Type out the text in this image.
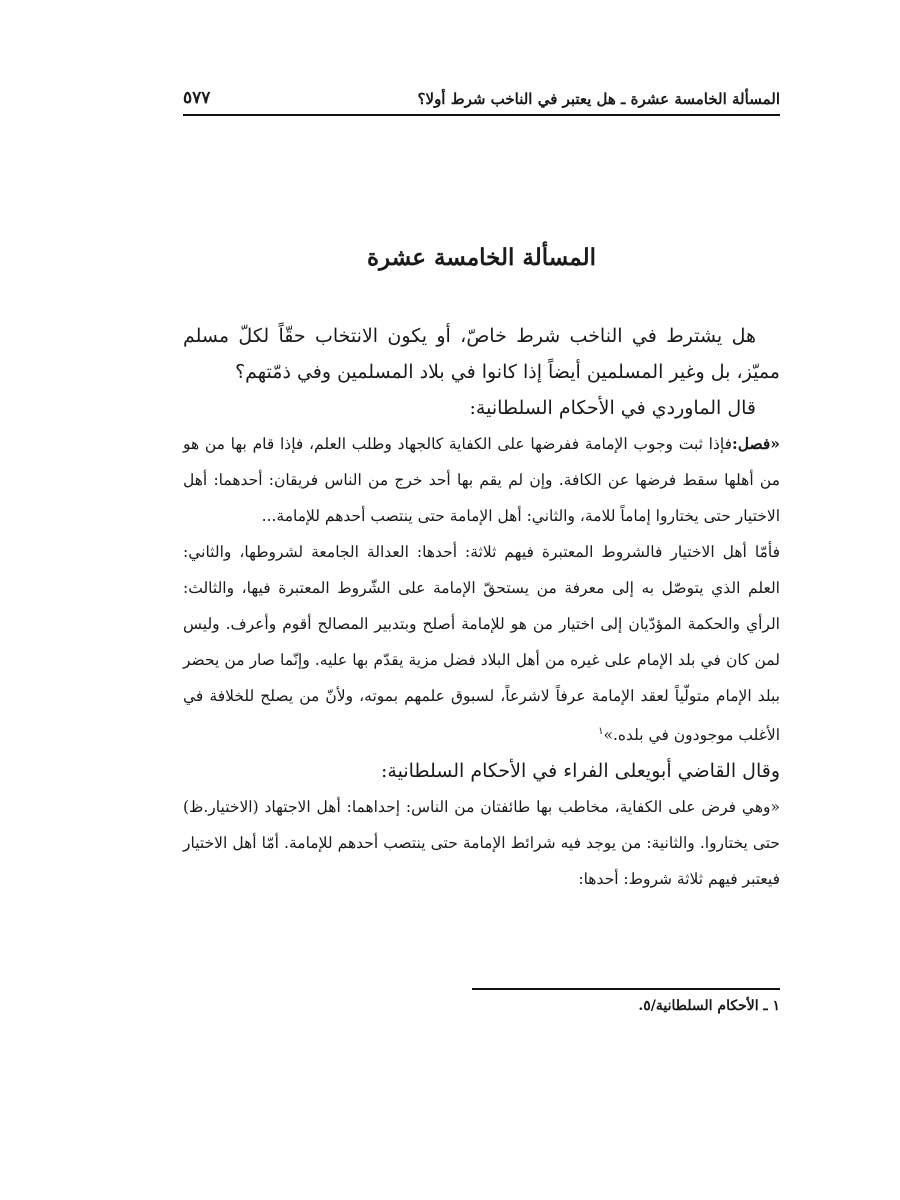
المسألة الخامسة عشرة ـ هل يعتبر في الناخب شرط أولا؟
٥٧٧
المسألة الخامسة عشرة

هل يشترط في الناخب شرط خاصّ، أو يكون الانتخاب حقّاً لكلّ مسلم مميّز، بل وغير المسلمين أيضاً إذا كانوا في بلاد المسلمين وفي ذمّتهم؟

قال الماوردي في الأحكام السلطانية:

«فصل:فإذا ثبت وجوب الإمامة ففرضها على الكفاية كالجهاد وطلب العلم، فإذا قام بها من هو من أهلها سقط فرضها عن الكافة. وإن لم يقم بها أحد خرج من الناس فريقان: أحدهما: أهل الاختيار حتى يختاروا إماماً للامة، والثاني: أهل الإمامة حتى ينتصب أحدهم للإمامة...

فأمّا أهل الاختيار فالشروط المعتبرة فيهم ثلاثة: أحدها: العدالة الجامعة لشروطها، والثاني: العلم الذي يتوصّل به إلى معرفة من يستحقّ الإمامة على الشّروط المعتبرة فيها، والثالث: الرأي والحكمة المؤدّيان إلى اختيار من هو للإمامة أصلح وبتدبير المصالح أقوم وأعرف. وليس لمن كان في بلد الإمام على غيره من أهل البلاد فضل مزية يقدّم بها عليه. وإنّما صار من يحضر ببلد الإمام متولّياً لعقد الإمامة عرفاً لاشرعاً، لسبوق علمهم بموته، ولأنّ من يصلح للخلافة في الأغلب موجودون في بلده.»$^١$

وقال القاضي أبويعلى الفراء في الأحكام السلطانية:

«وهي فرض على الكفاية، مخاطب بها طائفتان من الناس: إحداهما: أهل الاجتهاد (الاختيار.ظ) حتى يختاروا. والثانية: من يوجد فيه شرائط الإمامة حتى ينتصب أحدهم للإمامة. أمّا أهل الاختيار فيعتبر فيهم ثلاثة شروط: أحدها:

١ ـ الأحكام السلطانية/٥.
